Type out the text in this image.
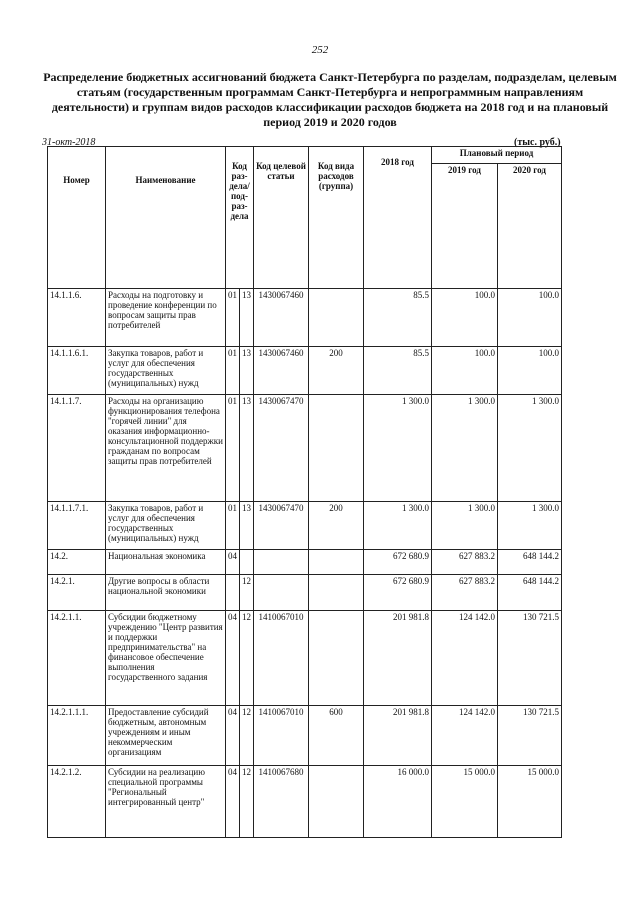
252
Распределение бюджетных ассигнований бюджета Санкт-Петербурга по разделам, подразделам, целевым статьям (государственным программам Санкт-Петербурга и непрограммным направлениям деятельности) и группам видов расходов классификации расходов бюджета на 2018 год и на плановый период 2019 и 2020 годов
31-окт-2018	(тыс. руб.)
Номер	Наименование	Код раз-дела/ под-раз-дела		Код целевой статьи	Код вида расходов (группа)	2018 год	Плановый период	
							2019 год	2020 год
14.1.1.6.	Расходы на подготовку и проведение конференции по вопросам защиты прав потребителей	01	13	1430067460		85.5	100.0	100.0
14.1.1.6.1.	Закупка товаров, работ и услуг для обеспечения государственных (муниципальных) нужд	01	13	1430067460	200	85.5	100.0	100.0
14.1.1.7.	Расходы на организацию функционирования телефона "горячей линии" для оказания информационно-консультационной поддержки гражданам по вопросам защиты прав потребителей	01	13	1430067470		1 300.0	1 300.0	1 300.0
14.1.1.7.1.	Закупка товаров, работ и услуг для обеспечения государственных (муниципальных) нужд	01	13	1430067470	200	1 300.0	1 300.0	1 300.0
14.2.	Национальная экономика	04				672 680.9	627 883.2	648 144.2
14.2.1.	Другие вопросы в области национальной экономики		12			672 680.9	627 883.2	648 144.2
14.2.1.1.	Субсидии бюджетному учреждению "Центр развития и поддержки предпринимательства" на финансовое обеспечение выполнения государственного задания	04	12	1410067010		201 981.8	124 142.0	130 721.5
14.2.1.1.1.	Предоставление субсидий бюджетным, автономным учреждениям и иным некоммерческим организациям	04	12	1410067010	600	201 981.8	124 142.0	130 721.5
14.2.1.2.	Субсидии на реализацию специальной программы "Региональный интегрированный центр"	04	12	1410067680		16 000.0	15 000.0	15 000.0
